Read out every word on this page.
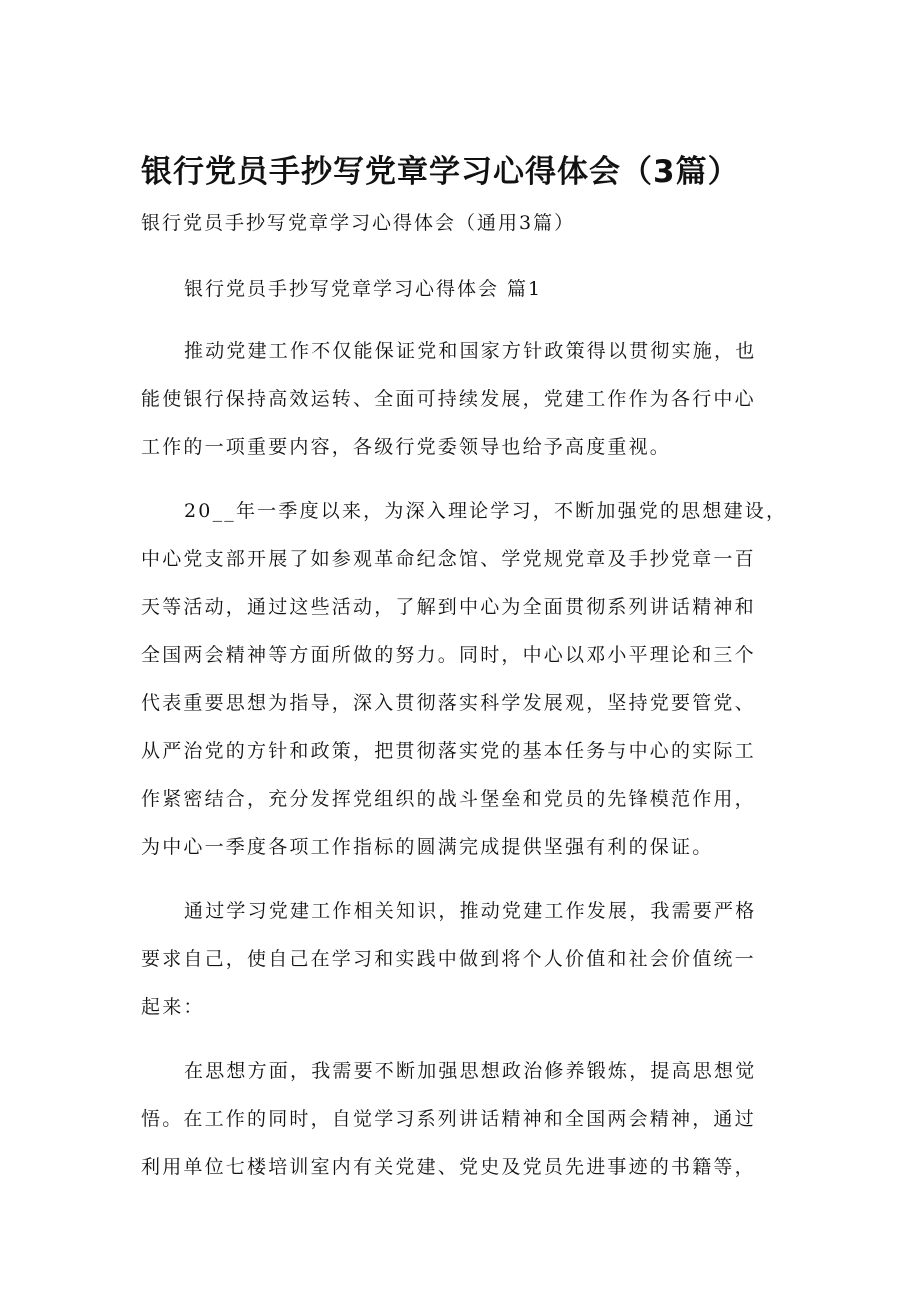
银行党员手抄写党章学习心得体会（3篇）
银行党员手抄写党章学习心得体会（通用3篇）
银行党员手抄写党章学习心得体会 篇1
推动党建工作不仅能保证党和国家方针政策得以贯彻实施，也
能使银行保持高效运转、全面可持续发展，党建工作作为各行中心
工作的一项重要内容，各级行党委领导也给予高度重视。
20__年一季度以来，为深入理论学习，不断加强党的思想建设，
中心党支部开展了如参观革命纪念馆、学党规党章及手抄党章一百
天等活动，通过这些活动，了解到中心为全面贯彻系列讲话精神和
全国两会精神等方面所做的努力。同时，中心以邓小平理论和三个
代表重要思想为指导，深入贯彻落实科学发展观，坚持党要管党、
从严治党的方针和政策，把贯彻落实党的基本任务与中心的实际工
作紧密结合，充分发挥党组织的战斗堡垒和党员的先锋模范作用，
为中心一季度各项工作指标的圆满完成提供坚强有利的保证。
通过学习党建工作相关知识，推动党建工作发展，我需要严格
要求自己，使自己在学习和实践中做到将个人价值和社会价值统一
起来：
在思想方面，我需要不断加强思想政治修养锻炼，提高思想觉
悟。在工作的同时，自觉学习系列讲话精神和全国两会精神，通过
利用单位七楼培训室内有关党建、党史及党员先进事迹的书籍等，
